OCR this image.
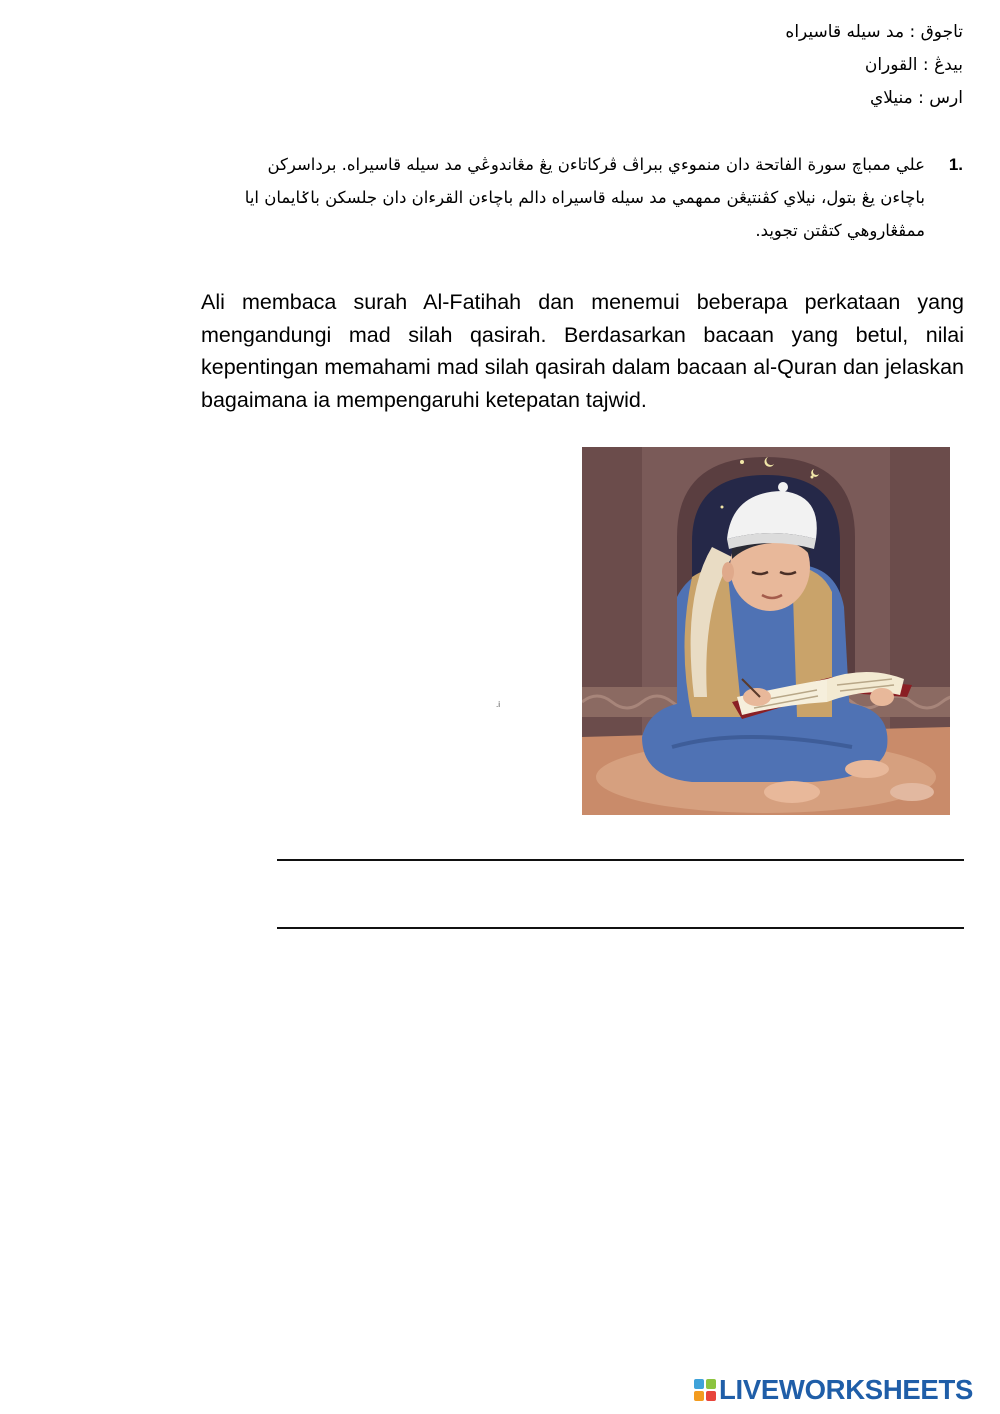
تاجوق : مد سيله قاسيراه
بيدڠ : القوران
ارس : منيلاي
1.
علي ممباچ سورة الفاتحة دان منموءي ببراڤ ڤرکاتاءن يڠ مڠاندوڠي مد سيله قاسيراه. برداسرکن باچاءن يڠ بتول، نيلاي کڤنتيڠن ممهمي مد سيله قاسيراه دالم باچاءن القرءان دان جلسکن باݢايمان ايا ممڤڠاروهي کتڤتن تجويد.
Ali membaca surah Al-Fatihah dan menemui beberapa perkataan yang mengandungi mad silah qasirah. Berdasarkan bacaan yang betul, nilai kepentingan memahami mad silah qasirah dalam bacaan al-Quran dan jelaskan bagaimana ia mempengaruhi ketepatan tajwid.
.i
LIVEWORKSHEETS
